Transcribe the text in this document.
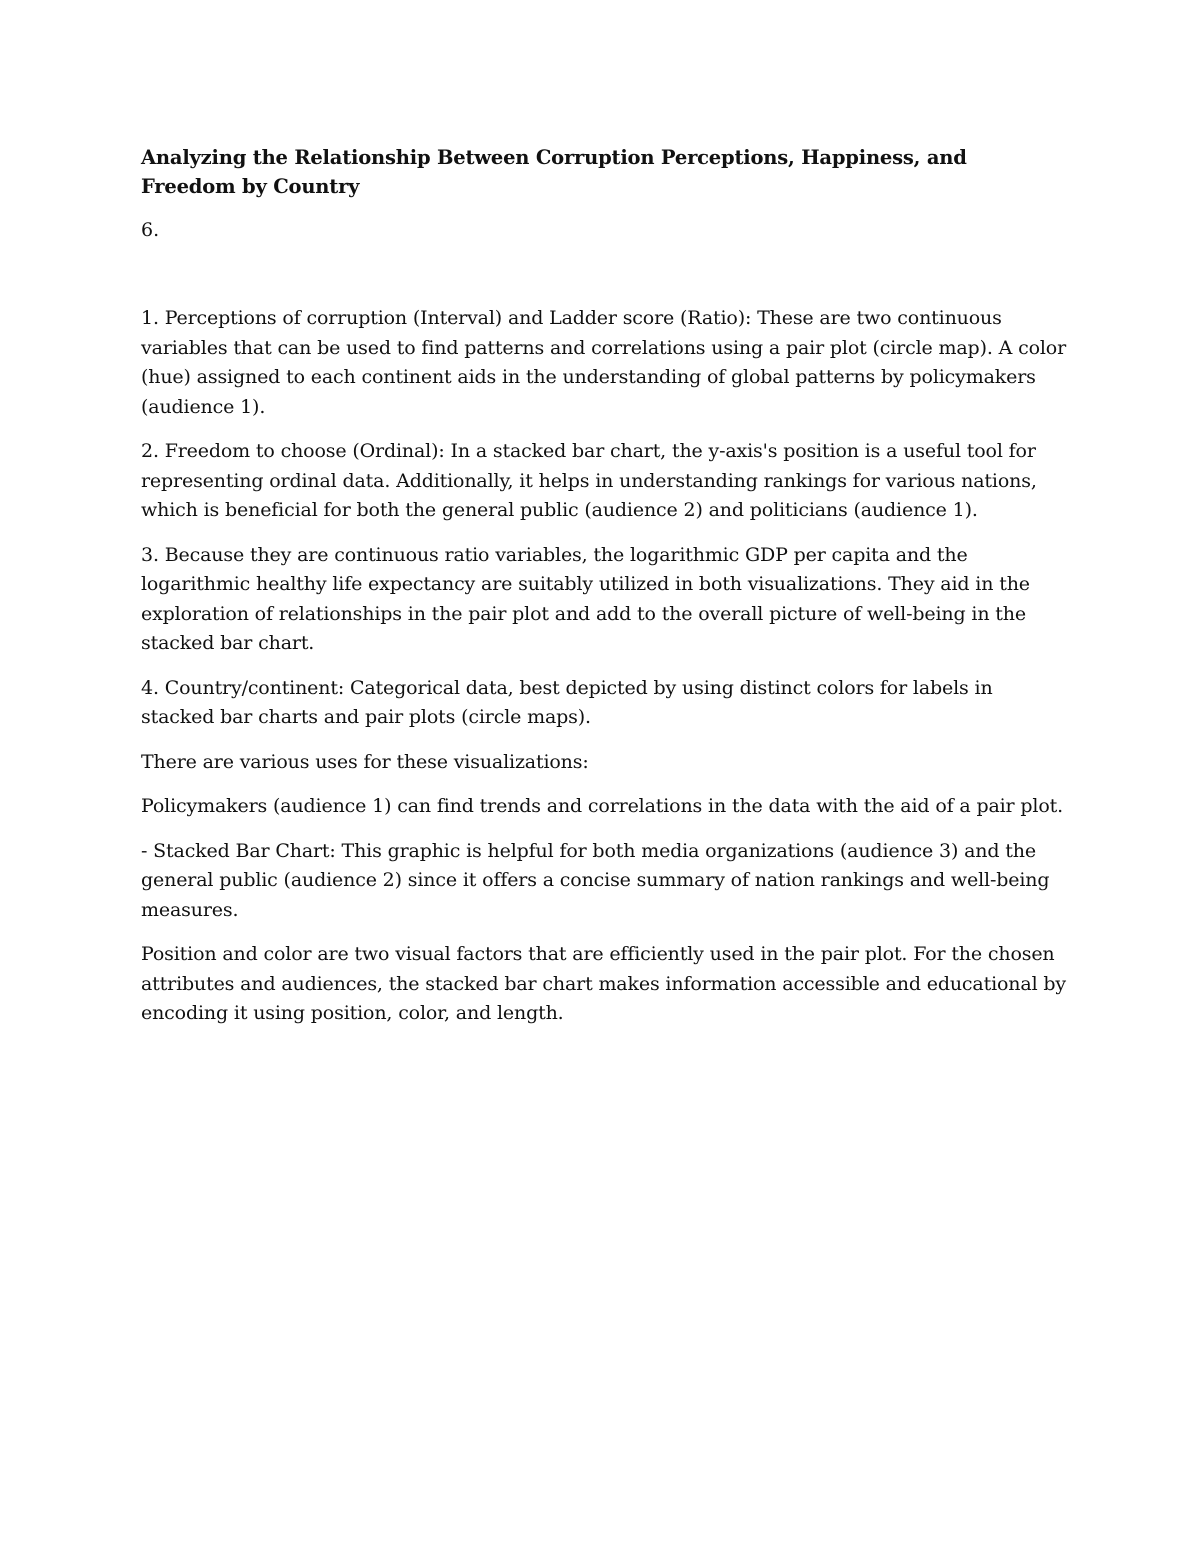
Analyzing the Relationship Between Corruption Perceptions, Happiness, and Freedom by Country
6.

1. Perceptions of corruption (Interval) and Ladder score (Ratio): These are two continuous variables that can be used to find patterns and correlations using a pair plot (circle map). A color (hue) assigned to each continent aids in the understanding of global patterns by policymakers (audience 1).

2. Freedom to choose (Ordinal): In a stacked bar chart, the y-axis's position is a useful tool for representing ordinal data. Additionally, it helps in understanding rankings for various nations, which is beneficial for both the general public (audience 2) and politicians (audience 1).

3. Because they are continuous ratio variables, the logarithmic GDP per capita and the logarithmic healthy life expectancy are suitably utilized in both visualizations. They aid in the exploration of relationships in the pair plot and add to the overall picture of well-being in the stacked bar chart.

4. Country/continent: Categorical data, best depicted by using distinct colors for labels in stacked bar charts and pair plots (circle maps).

There are various uses for these visualizations:

Policymakers (audience 1) can find trends and correlations in the data with the aid of a pair plot.

- Stacked Bar Chart: This graphic is helpful for both media organizations (audience 3) and the general public (audience 2) since it offers a concise summary of nation rankings and well-being measures.

Position and color are two visual factors that are efficiently used in the pair plot. For the chosen attributes and audiences, the stacked bar chart makes information accessible and educational by encoding it using position, color, and length.
